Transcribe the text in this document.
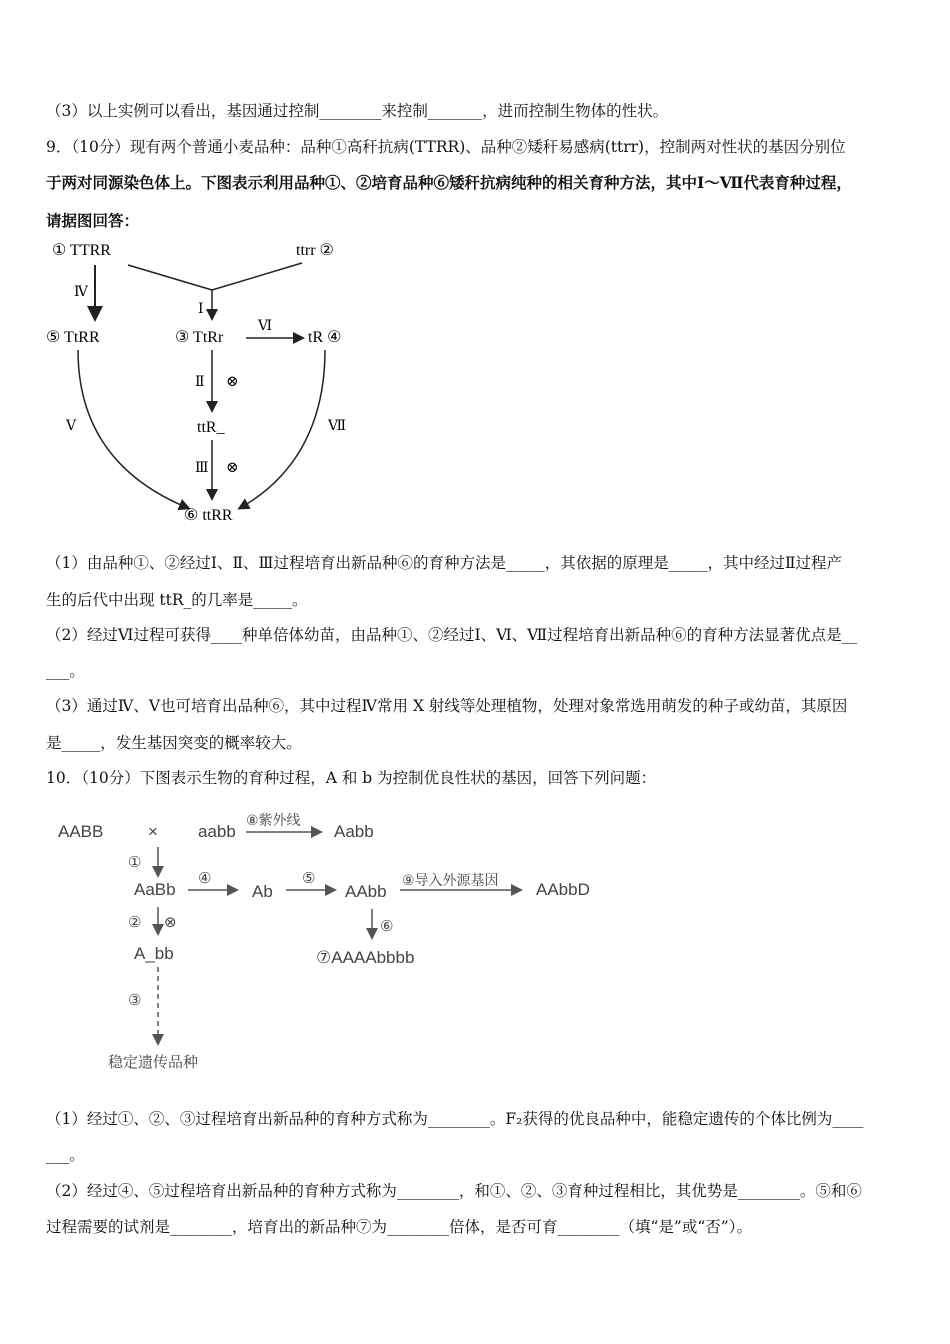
（3）以上实例可以看出，基因通过控制________来控制_______，进而控制生物体的性状。
9．（10分）现有两个普通小麦品种：品种①高秆抗病(TTRR)、品种②矮秆易感病(ttrr)，控制两对性状的基因分别位
于两对同源染色体上。下图表示利用品种①、②培育品种⑥矮秆抗病纯种的相关育种方法，其中Ⅰ～Ⅶ代表育种过程，
请据图回答：
① TTRR	ttrr ②
Ⅰ
Ⅳ
⑤ TtRR	③ TtRr
Ⅵ
tR ④
Ⅱ ⊗
ttR_
Ⅲ ⊗
Ⅴ	Ⅶ
⑥ ttRR
（1）由品种①、②经过Ⅰ、Ⅱ、Ⅲ过程培育出新品种⑥的育种方法是_____，其依据的原理是_____，其中经过Ⅱ过程产
生的后代中出现 ttR_的几率是_____。
（2）经过Ⅵ过程可获得____种单倍体幼苗，由品种①、②经过Ⅰ、Ⅵ、Ⅶ过程培育出新品种⑥的育种方法显著优点是__
___。
（3）通过Ⅳ、Ⅴ也可培育出品种⑥，其中过程Ⅳ常用 X 射线等处理植物，处理对象常选用萌发的种子或幼苗，其原因
是_____，发生基因突变的概率较大。
10．（10分）下图表示生物的育种过程，A 和 b 为控制优良性状的基因，回答下列问题：
AABB	× aabb
⑧紫外线
Aabb
①
AaBb
④
Ab
⑤
AAbb
⑨导入外源基因 AAbbD
② ⊗	⑥
A_bb	⑦AAAAbbbb
③
稳定遗传品种
（1）经过①、②、③过程培育出新品种的育种方式称为________。F₂获得的优良品种中，能稳定遗传的个体比例为____
___。
（2）经过④、⑤过程培育出新品种的育种方式称为________，和①、②、③育种过程相比，其优势是________。⑤和⑥
过程需要的试剂是________，培育出的新品种⑦为________倍体，是否可育________（填“是”或“否”）。
